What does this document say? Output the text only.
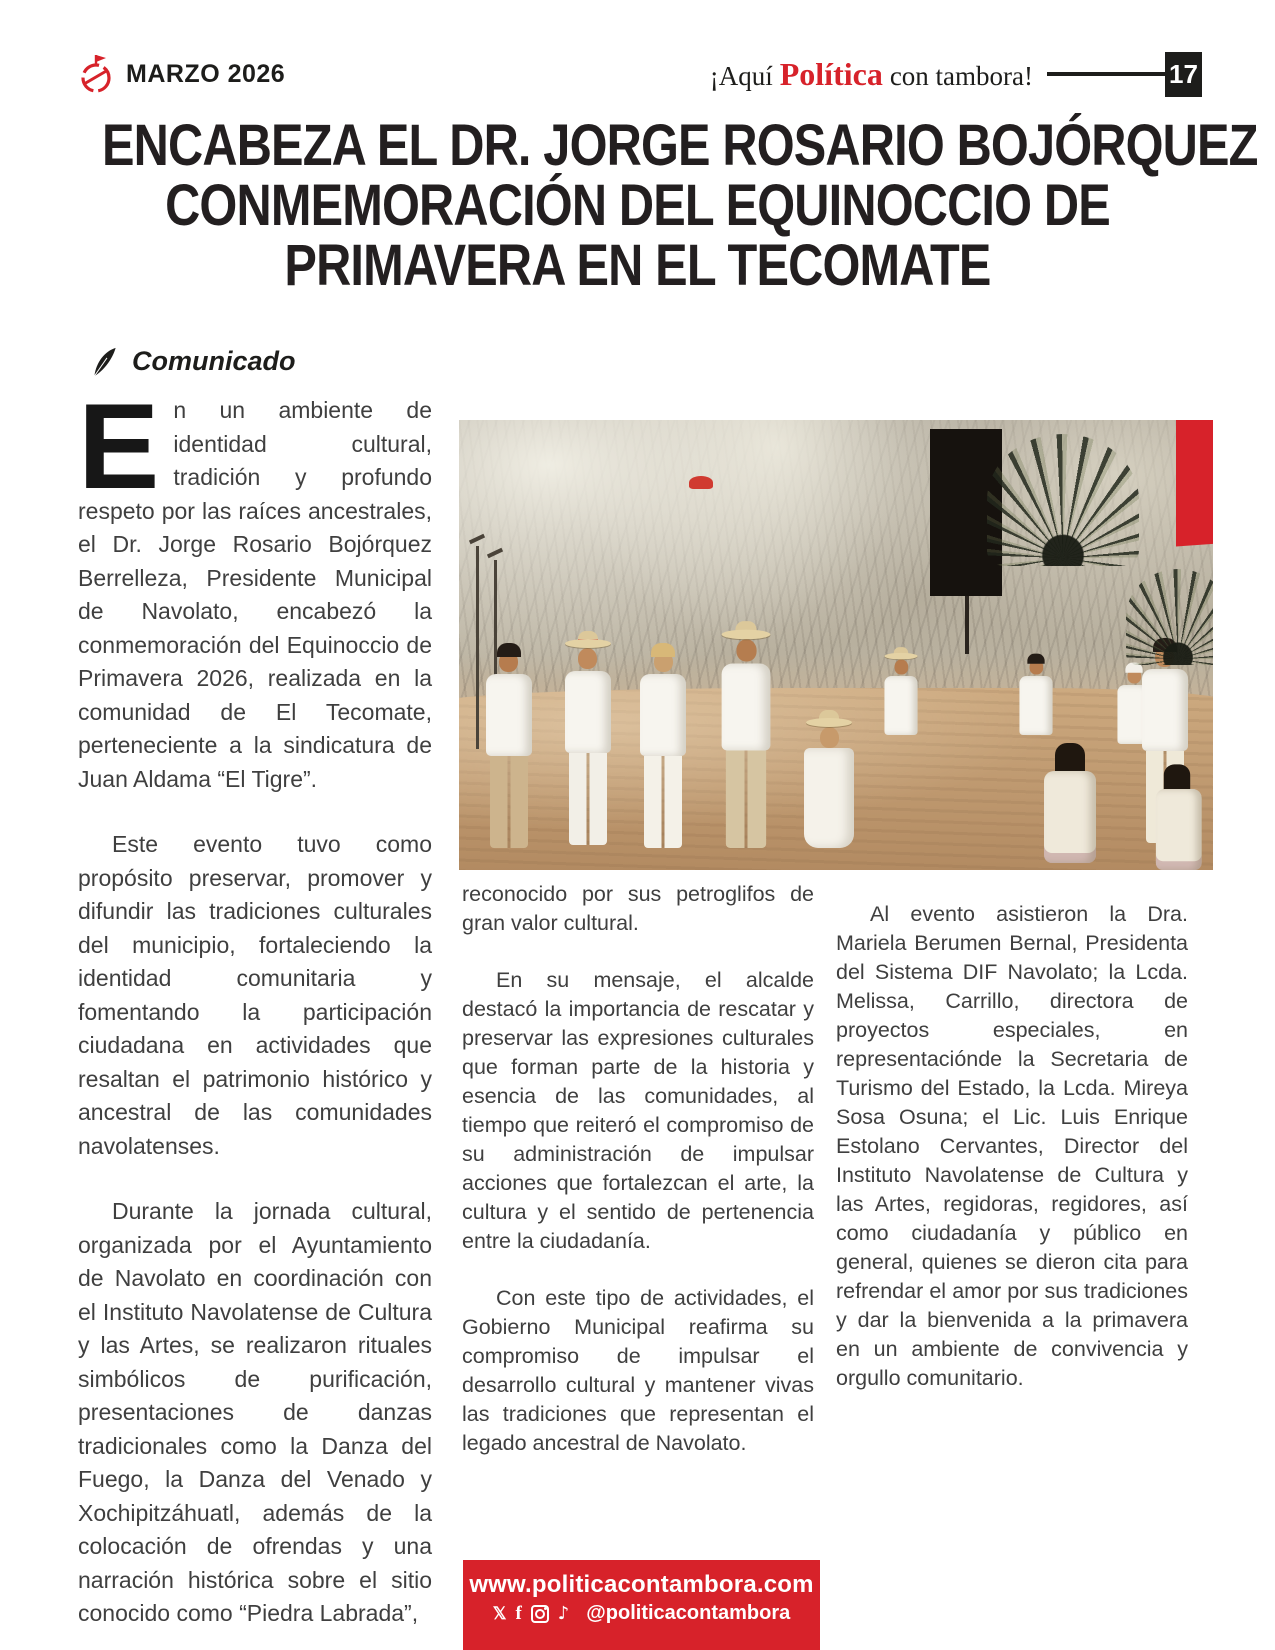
MARZO 2026	¡Aquí Política con tambora!	17
ENCABEZA EL DR. JORGE ROSARIO BOJÓRQUEZ
CONMEMORACIÓN DEL EQUINOCCIO DE
PRIMAVERA EN EL TECOMATE
Comunicado

En un ambiente de identidad cultural, tradición y profundo respeto por las raíces ancestrales, el Dr. Jorge Rosario Bojórquez Berrelleza, Presidente Municipal de Navolato, encabezó la conmemoración del Equinoccio de Primavera 2026, realizada en la comunidad de El Tecomate, perteneciente a la sindicatura de Juan Aldama “El Tigre”.

Este evento tuvo como propósito preservar, promover y difundir las tradiciones culturales del municipio, fortaleciendo la identidad comunitaria y fomentando la participación ciudadana en actividades que resaltan el patrimonio histórico y ancestral de las comunidades navolatenses.

Durante la jornada cultural, organizada por el Ayuntamiento de Navolato en coordinación con el Instituto Navolatense de Cultura y las Artes, se realizaron rituales simbólicos de purificación, presentaciones de danzas tradicionales como la Danza del Fuego, la Danza del Venado y Xochipitzáhuatl, además de la colocación de ofrendas y una narración histórica sobre el sitio conocido como “Piedra Labrada”,

reconocido por sus petroglifos de gran valor cultural.

En su mensaje, el alcalde destacó la importancia de rescatar y preservar las expresiones culturales que forman parte de la historia y esencia de las comunidades, al tiempo que reiteró el compromiso de su administración de impulsar acciones que fortalezcan el arte, la cultura y el sentido de pertenencia entre la ciudadanía.

Con este tipo de actividades, el Gobierno Municipal reafirma su compromiso de impulsar el desarrollo cultural y mantener vivas las tradiciones que representan el legado ancestral de Navolato.

Al evento asistieron la Dra. Mariela Berumen Bernal, Presidenta del Sistema DIF Navolato; la Lcda. Melissa, Carrillo, directora de proyectos especiales, en representaciónde la Secretaria de Turismo del Estado, la Lcda. Mireya Sosa Osuna; el Lic. Luis Enrique Estolano Cervantes, Director del Instituto Navolatense de Cultura y las Artes, regidoras, regidores, así como ciudadanía y público en general, quienes se dieron cita para refrendar el amor por sus tradiciones y dar la bienvenida a la primavera en un ambiente de convivencia y orgullo comunitario.

www.politicacontambora.com
𝕏 f ♪ @politicacontambora
